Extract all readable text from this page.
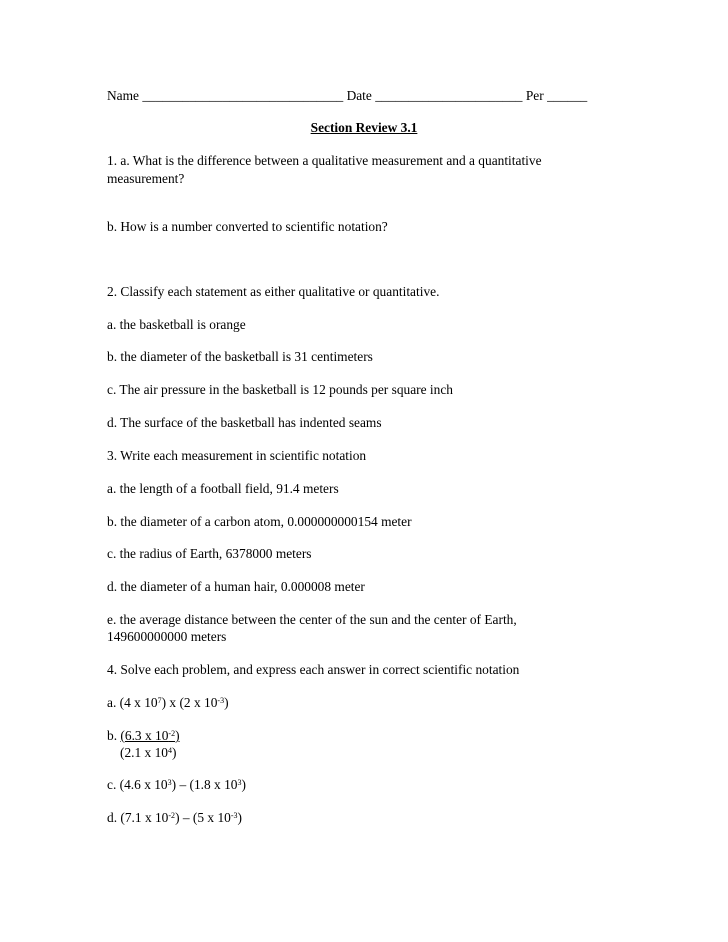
Name ______________________________ Date ______________________ Per ______
Section Review 3.1
1. a. What is the difference between a qualitative measurement and a quantitative
measurement?
b. How is a number converted to scientific notation?
2. Classify each statement as either qualitative or quantitative.
a. the basketball is orange
b. the diameter of the basketball is 31 centimeters
c. The air pressure in the basketball is 12 pounds per square inch
d. The surface of the basketball has indented seams
3. Write each measurement in scientific notation
a. the length of a football field, 91.4 meters
b. the diameter of a carbon atom, 0.000000000154 meter
c. the radius of Earth, 6378000 meters
d. the diameter of a human hair, 0.000008 meter
e. the average distance between the center of the sun and the center of Earth,
149600000000 meters
4. Solve each problem, and express each answer in correct scientific notation
a. (4 x $10^7$) x (2 x $10^{-3}$)
b. (6.3 x $10^{-2}$)
(2.1 x $10^4$)
c. (4.6 x $10^3) - (1.8$ x $10^3$)
d. (7.1 x $10^{-2}) - (5$ x $10^{-3}$)
